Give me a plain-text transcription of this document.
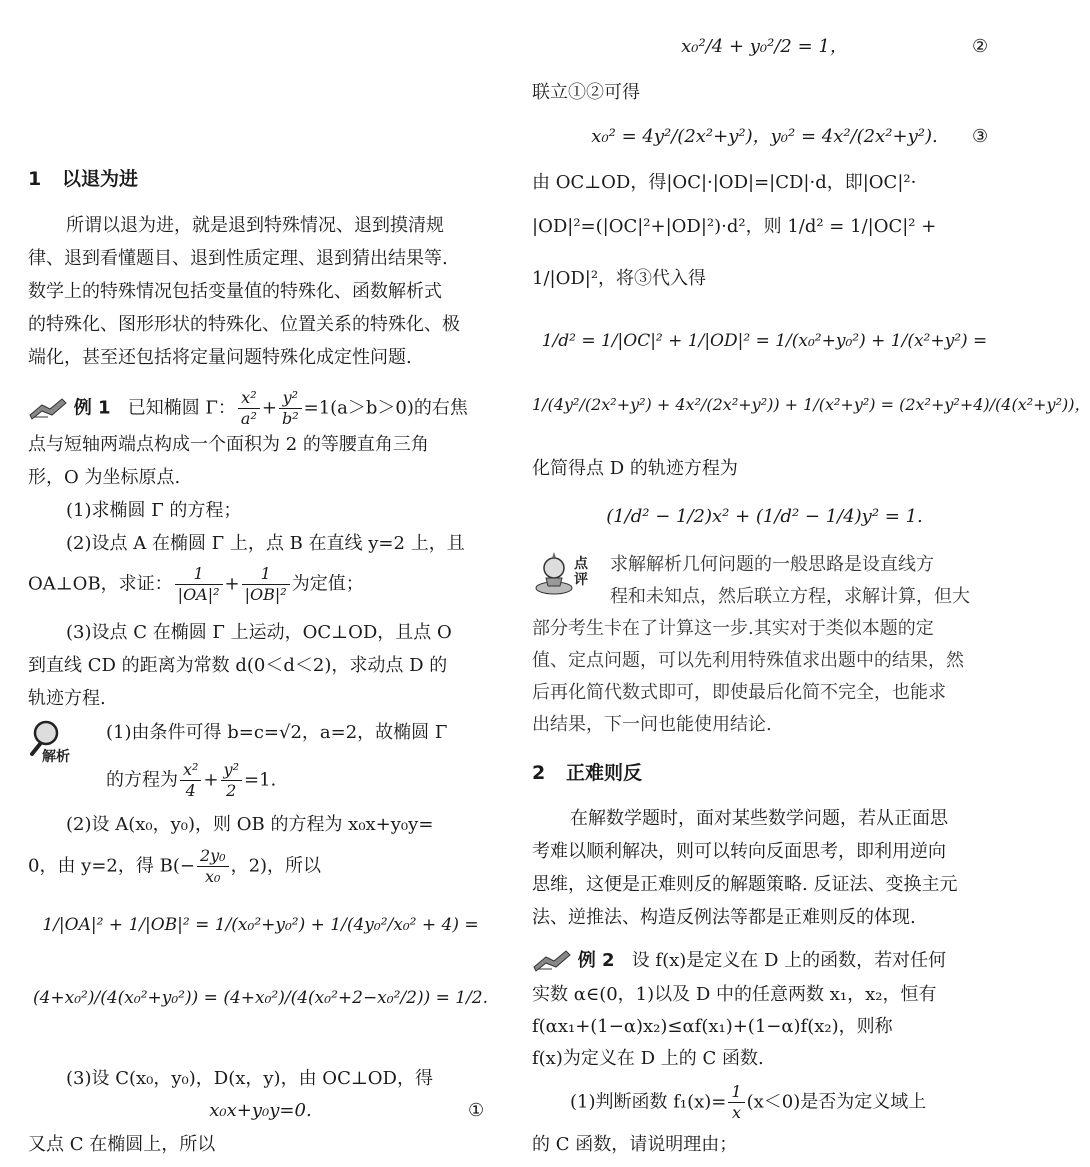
1 以退为进
所谓以退为进，就是退到特殊情况、退到摸清规
律、退到看懂题目、退到性质定理、退到猜出结果等.
数学上的特殊情况包括变量值的特殊化、函数解析式
的特殊化、图形形状的特殊化、位置关系的特殊化、极
端化，甚至还包括将定量问题特殊化成定性问题.
例 1 已知椭圆 Γ： $\frac{\text{x²}}{\text{a²}} + \frac{\text{y²}}{\text{b²}} =1(a>b>0)$的右焦
点与短轴两端点构成一个面积为 2 的等腰直角三角
形，O 为坐标原点.
(1)求椭圆 Γ 的方程；
(2)设点 A 在椭圆 Γ 上，点 B 在直线 y=2 上，且
OA⊥OB，求证： $\frac{1}{\text{|OA|²}} + \frac{1}{\text{|OB|²}}$ 为定值；
(3)设点 C 在椭圆 Γ 上运动，OC⊥OD，且点 O
到直线 CD 的距离为常数 d(0＜d＜2)，求动点 D 的
轨迹方程.
解析
(1)由条件可得 b=c=√2，a=2，故椭圆 Γ
的方程为 $\frac{\text{x²}}{4} + \frac{\text{y²}}{2} =1$.
(2)设 A(x₀，y₀)，则 OB 的方程为 x₀x+y₀y=
0，由 y=2，得 $B(- \frac{\text{2y₀}}{\text{x₀}}$ ，2)，所以
1/|OA|² + 1/|OB|² = 1/(x₀²+y₀²) + 1/(4y₀²/x₀² + 4) =
(4+x₀²)/(4(x₀²+y₀²)) = (4+x₀²)/(4(x₀²+2−x₀²/2)) = 1/2.
(3)设 C(x₀，y₀)，D(x，y)，由 OC⊥OD，得
x₀x+y₀y=0.	①
又点 C 在椭圆上，所以
x₀²/4 + y₀²/2 = 1，	②
联立①②可得
x₀² = 4y²/(2x²+y²)，y₀² = 4x²/(2x²+y²).	③
由 OC⊥OD，得|OC|·|OD|=|CD|·d，即|OC|²·
|OD|²=(|OC|²+|OD|²)·d²，则 1/d² = 1/|OC|² +
1/|OD|²，将③代入得
1/d² = 1/|OC|² + 1/|OD|² = 1/(x₀²+y₀²) + 1/(x²+y²) =
1/(4y²/(2x²+y²) + 4x²/(2x²+y²)) + 1/(x²+y²) = (2x²+y²+4)/(4(x²+y²))，
化简得点 D 的轨迹方程为
(1/d² − 1/2)x² + (1/d² − 1/4)y² = 1.
点评
求解解析几何问题的一般思路是设直线方
程和未知点，然后联立方程，求解计算，但大
部分考生卡在了计算这一步.其实对于类似本题的定
值、定点问题，可以先利用特殊值求出题中的结果，然
后再化简代数式即可，即使最后化简不完全，也能求
出结果，下一问也能使用结论.
2 正难则反
在解数学题时，面对某些数学问题，若从正面思
考难以顺利解决，则可以转向反面思考，即利用逆向
思维，这便是正难则反的解题策略. 反证法、变换主元
法、逆推法、构造反例法等都是正难则反的体现.
例 2 设 f(x)是定义在 D 上的函数，若对任何
实数 α∈(0，1)以及 D 中的任意两数 x₁，x₂，恒有
f(αx₁+(1−α)x₂)≤αf(x₁)+(1−α)f(x₂)，则称
f(x)为定义在 D 上的 C 函数.
(1)判断函数 $f_1(x)= \frac{1}{x} (x<0)$是否为定义域上
的 C 函数，请说明理由；
